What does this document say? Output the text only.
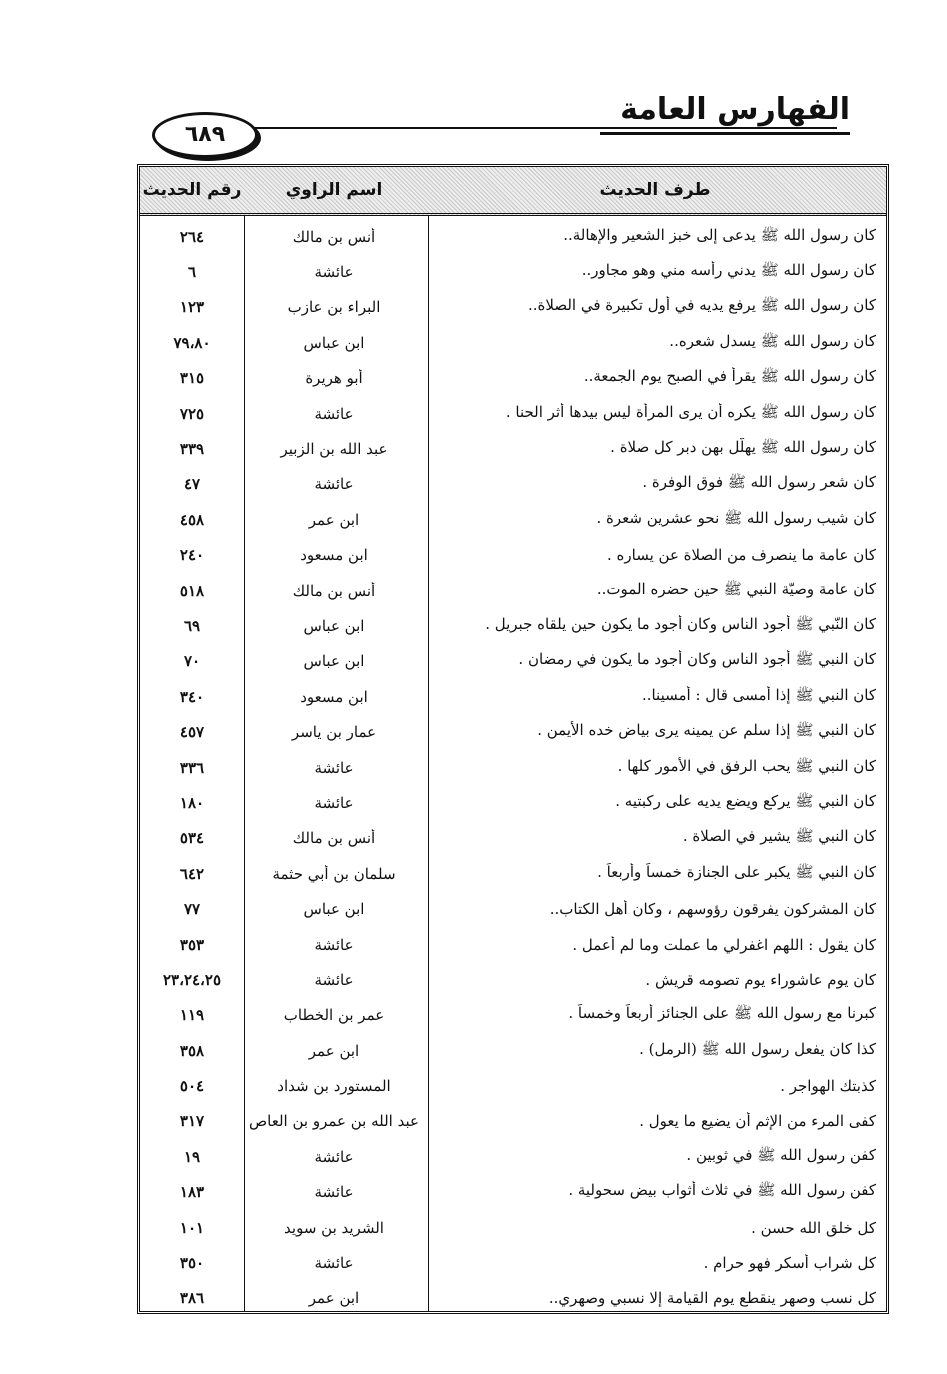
الفهارس العامة
٦٨٩
طرف الحديث
اسم الراوي
رقم الحديث
كان رسول الله ﷺ يدعى إلى خبز الشعير والإهالة..
أنس بن مالك
٢٦٤
كان رسول الله ﷺ يدني رأسه مني وهو مجاور..
عائشة
٦
كان رسول الله ﷺ يرفع يديه في أول تكبيرة في الصلاة..
البراء بن عازب
١٢٣
كان رسول الله ﷺ يسدل شعره..
ابن عباس
٧٩،٨٠
كان رسول الله ﷺ يقرأ في الصبح يوم الجمعة..
أبو هريرة
٣١٥
كان رسول الله ﷺ يكره أن يرى المرأة ليس بيدها أثر الحنا .
عائشة
٧٢٥
كان رسول الله ﷺ يهلّل بهن دبر كل صلاة .
عبد الله بن الزبير
٣٣٩
كان شعر رسول الله ﷺ فوق الوفرة .
عائشة
٤٧
كان شيب رسول الله ﷺ نحو عشرين شعرة .
ابن عمر
٤٥٨
كان عامة ما ينصرف من الصلاة عن يساره .
ابن مسعود
٢٤٠
كان عامة وصيّة النبي ﷺ حين حضره الموت..
أنس بن مالك
٥١٨
كان النّبي ﷺ أجود الناس وكان أجود ما يكون حين يلقاه جبريل .
ابن عباس
٦٩
كان النبي ﷺ أجود الناس وكان أجود ما يكون في رمضان .
ابن عباس
٧٠
كان النبي ﷺ إذا أمسى قال : أمسينا..
ابن مسعود
٣٤٠
كان النبي ﷺ إذا سلم عن يمينه يرى بياض خده الأيمن .
عمار بن ياسر
٤٥٧
كان النبي ﷺ يحب الرفق في الأمور كلها .
عائشة
٣٣٦
كان النبي ﷺ يركع ويضع يديه على ركبتيه .
عائشة
١٨٠
كان النبي ﷺ يشير في الصلاة .
أنس بن مالك
٥٣٤
كان النبي ﷺ يكبر على الجنازة خمساً وأربعاً .
سلمان بن أبي حثمة
٦٤٢
كان المشركون يفرقون رؤوسهم ، وكان أهل الكتاب..
ابن عباس
٧٧
كان يقول : اللهم اغفرلي ما عملت وما لم أعمل .
عائشة
٣٥٣
كان يوم عاشوراء يوم تصومه قريش .
عائشة
٢٣،٢٤،٢٥
كبرنا مع رسول الله ﷺ على الجنائز أربعاً وخمساً .
عمر بن الخطاب
١١٩
كذا كان يفعل رسول الله ﷺ (الرمل) .
ابن عمر
٣٥٨
كذبتك الهواجر .
المستورد بن شداد
٥٠٤
كفى المرء من الإثم أن يضيع ما يعول .
عبد الله بن عمرو بن العاص
٣١٧
كفن رسول الله ﷺ في ثوبين .
عائشة
١٩
كفن رسول الله ﷺ في ثلاث أثواب بيض سحولية .
عائشة
١٨٣
كل خلق الله حسن .
الشريد بن سويد
١٠١
كل شراب أسكر فهو حرام .
عائشة
٣٥٠
كل نسب وصهر ينقطع يوم القيامة إلا نسبي وصهري..
ابن عمر
٣٨٦
